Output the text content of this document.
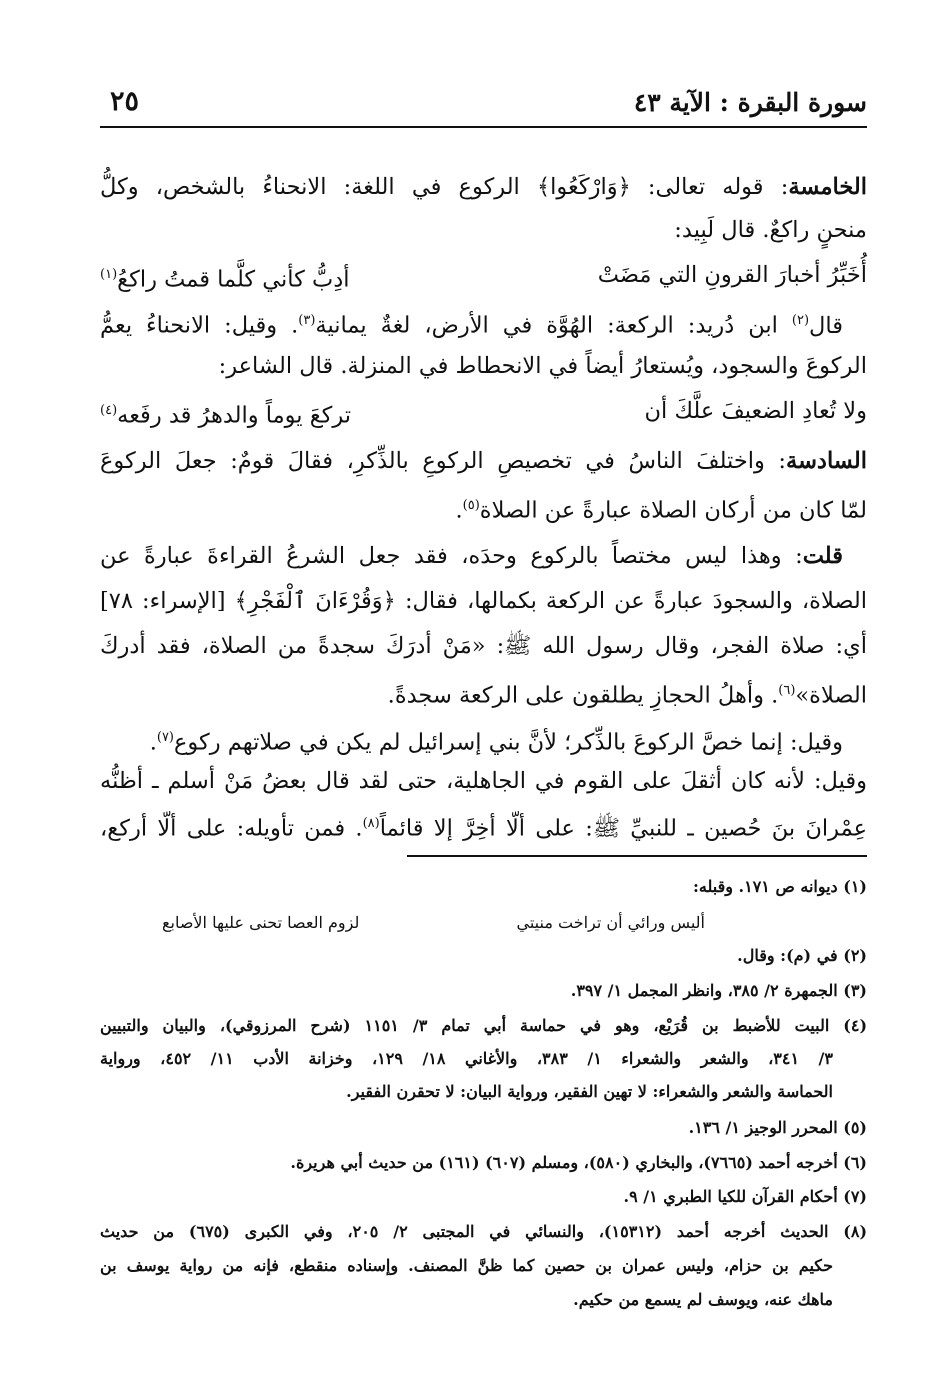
سورة البقرة : الآية ٤٣
٢٥
الخامسة: قوله تعالى: ﴿وَارْكَعُوا﴾ الركوع في اللغة: الانحناءُ بالشخص، وكلُّ
منحنٍ راكعٌ. قال لَبِيد:
أُخَبِّرُ أخبارَ القرونِ التي مَضَتْ
أدِبُّ كأني كلَّما قمتُ راكعُ$^{(١)}$
قال$^{(٢)}$ ابن دُريد: الركعة: الهُوَّة في الأرض، لغةٌ يمانية$^{(٣)}$. وقيل: الانحناءُ يعمُّ
الركوعَ والسجود، ويُستعارُ أيضاً في الانحطاط في المنزلة. قال الشاعر:
ولا تُعادِ الضعيفَ علَّكَ أن
تركعَ يوماً والدهرُ قد رفَعه$^{(٤)}$
السادسة: واختلفَ الناسُ في تخصيصِ الركوعِ بالذِّكرِ، فقالَ قومٌ: جعلَ الركوعَ
لمّا كان من أركان الصلاة عبارةً عن الصلاة$^{(٥)}$.
قلت: وهذا ليس مختصاً بالركوع وحدَه، فقد جعل الشرعُ القراءةَ عبارةً عن
الصلاة، والسجودَ عبارةً عن الركعة بكمالها، فقال: ﴿وَقُرْءَانَ ٱلْفَجْرِ﴾ [الإسراء: ٧٨]
أي: صلاة الفجر، وقال رسول الله ﷺ: «مَنْ أدرَكَ سجدةً من الصلاة، فقد أدركَ
الصلاة»$^{(٦)}$. وأهلُ الحجازِ يطلقون على الركعة سجدةً.
وقيل: إنما خصَّ الركوعَ بالذِّكر؛ لأنَّ بني إسرائيل لم يكن في صلاتهم ركوع$^{(٧)}$.
وقيل: لأنه كان أثقلَ على القوم في الجاهلية، حتى لقد قال بعضُ مَنْ أسلم ـ أظنُّه
عِمْرانَ بنَ حُصين ـ للنبيِّ ﷺ: على ألّا أخِرَّ إلا قائماً$^{(٨)}$. فمن تأويله: على ألّا أركع،
(١) ديوانه ص ١٧١. وقبله:
أليس ورائي أن تراخت منيتي
لزوم العصا تحنى عليها الأصابع
(٢) في (م): وقال.
(٣) الجمهرة ٢/ ٣٨٥، وانظر المجمل ١/ ٣٩٧.
(٤) البيت للأضبط بن قُرَيْع، وهو في حماسة أبي تمام ٣/ ١١٥١ (شرح المرزوقي)، والبيان والتبيين
٣/ ٣٤١، والشعر والشعراء ١/ ٣٨٣، والأغاني ١٨/ ١٢٩، وخزانة الأدب ١١/ ٤٥٢، ورواية
الحماسة والشعر والشعراء: لا تهين الفقير، ورواية البيان: لا تحقرن الفقير.
(٥) المحرر الوجيز ١/ ١٣٦.
(٦) أخرجه أحمد (٧٦٦٥)، والبخاري (٥٨٠)، ومسلم (٦٠٧) (١٦١) من حديث أبي هريرة.
(٧) أحكام القرآن للكيا الطبري ١/ ٩.
(٨) الحديث أخرجه أحمد (١٥٣١٢)، والنسائي في المجتبى ٢/ ٢٠٥، وفي الكبرى (٦٧٥) من حديث
حكيم بن حزام، وليس عمران بن حصين كما ظنَّ المصنف. وإسناده منقطع، فإنه من رواية يوسف بن
ماهك عنه، ويوسف لم يسمع من حكيم.
